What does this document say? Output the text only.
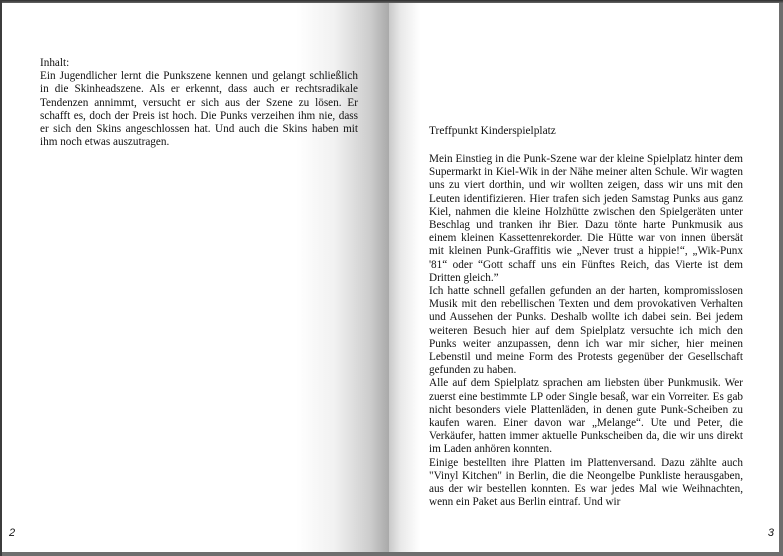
Inhalt:

Ein Jugendlicher lernt die Punkszene kennen und gelangt schließlich in die Skinheadszene. Als er erkennt, dass auch er rechtsradikale Tendenzen annimmt, versucht er sich aus der Szene zu lösen. Er schafft es, doch der Preis ist hoch. Die Punks verzeihen ihm nie, dass er sich den Skins angeschlossen hat. Und auch die Skins haben mit ihm noch etwas auszutragen.

2
Treffpunkt Kinderspielplatz

Mein Einstieg in die Punk-Szene war der kleine Spielplatz hinter dem Supermarkt in Kiel-Wik in der Nähe meiner alten Schule. Wir wagten uns zu viert dorthin, und wir wollten zeigen, dass wir uns mit den Leuten identifizieren. Hier trafen sich jeden Samstag Punks aus ganz Kiel, nahmen die kleine Holzhütte zwischen den Spielgeräten unter Beschlag und tranken ihr Bier. Dazu tönte harte Punkmusik aus einem kleinen Kassettenrekorder. Die Hütte war von innen übersät mit kleinen Punk-Graffitis wie „Never trust a hippie!“, „Wik-Punx '81“ oder “Gott schaff uns ein Fünftes Reich, das Vierte ist dem Dritten gleich.”

Ich hatte schnell gefallen gefunden an der harten, kompromisslosen Musik mit den rebellischen Texten und dem provokativen Verhalten und Aussehen der Punks. Deshalb wollte ich dabei sein. Bei jedem weiteren Besuch hier auf dem Spielplatz versuchte ich mich den Punks weiter anzupassen, denn ich war mir sicher, hier meinen Lebenstil und meine Form des Protests gegenüber der Gesellschaft gefunden zu haben.

Alle auf dem Spielplatz sprachen am liebsten über Punkmusik. Wer zuerst eine bestimmte LP oder Single besaß, war ein Vorreiter. Es gab nicht besonders viele Plattenläden, in denen gute Punk-Scheiben zu kaufen waren. Einer davon war „Melange“. Ute und Peter, die Verkäufer, hatten immer aktuelle Punkscheiben da, die wir uns direkt im Laden anhören konnten.

Einige bestellten ihre Platten im Plattenversand. Dazu zählte auch "Vinyl Kitchen" in Berlin, die die Neongelbe Punkliste herausgaben, aus der wir bestellen konnten. Es war jedes Mal wie Weihnachten, wenn ein Paket aus Berlin eintraf. Und wir

3
